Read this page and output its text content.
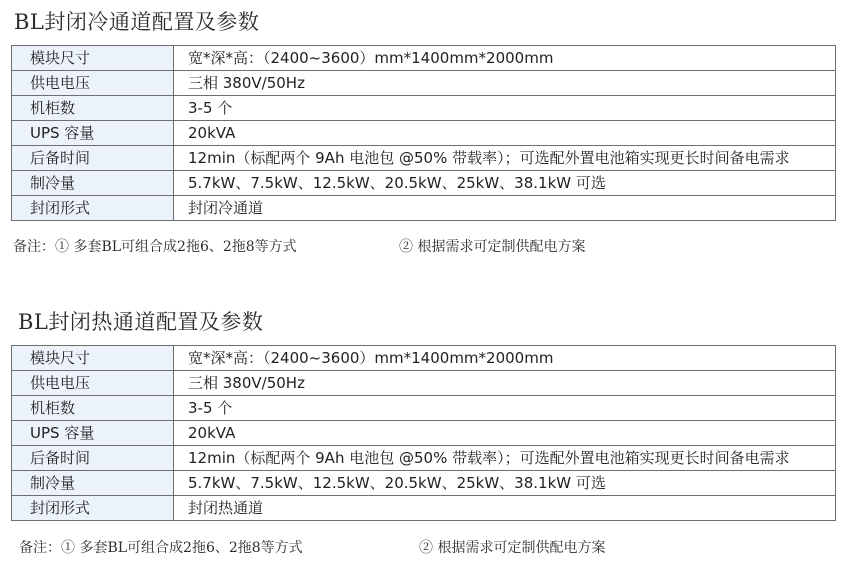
BL封闭冷通道配置及参数
模块尺寸	宽*深*高：（2400~3600）mm*1400mm*2000mm
供电电压	三相 380V/50Hz
机柜数	3-5 个
UPS 容量	20kVA
后备时间	12min（标配两个 9Ah 电池包 @50% 带载率）；可选配外置电池箱实现更长时间备电需求
制冷量	5.7kW、7.5kW、12.5kW、20.5kW、25kW、38.1kW 可选
封闭形式	封闭冷通道
备注：① 多套BL可组合成2拖6、2拖8等方式	② 根据需求可定制供配电方案
BL封闭热通道配置及参数
模块尺寸	宽*深*高：（2400~3600）mm*1400mm*2000mm
供电电压	三相 380V/50Hz
机柜数	3-5 个
UPS 容量	20kVA
后备时间	12min（标配两个 9Ah 电池包 @50% 带载率）；可选配外置电池箱实现更长时间备电需求
制冷量	5.7kW、7.5kW、12.5kW、20.5kW、25kW、38.1kW 可选
封闭形式	封闭热通道
备注：① 多套BL可组合成2拖6、2拖8等方式	② 根据需求可定制供配电方案
